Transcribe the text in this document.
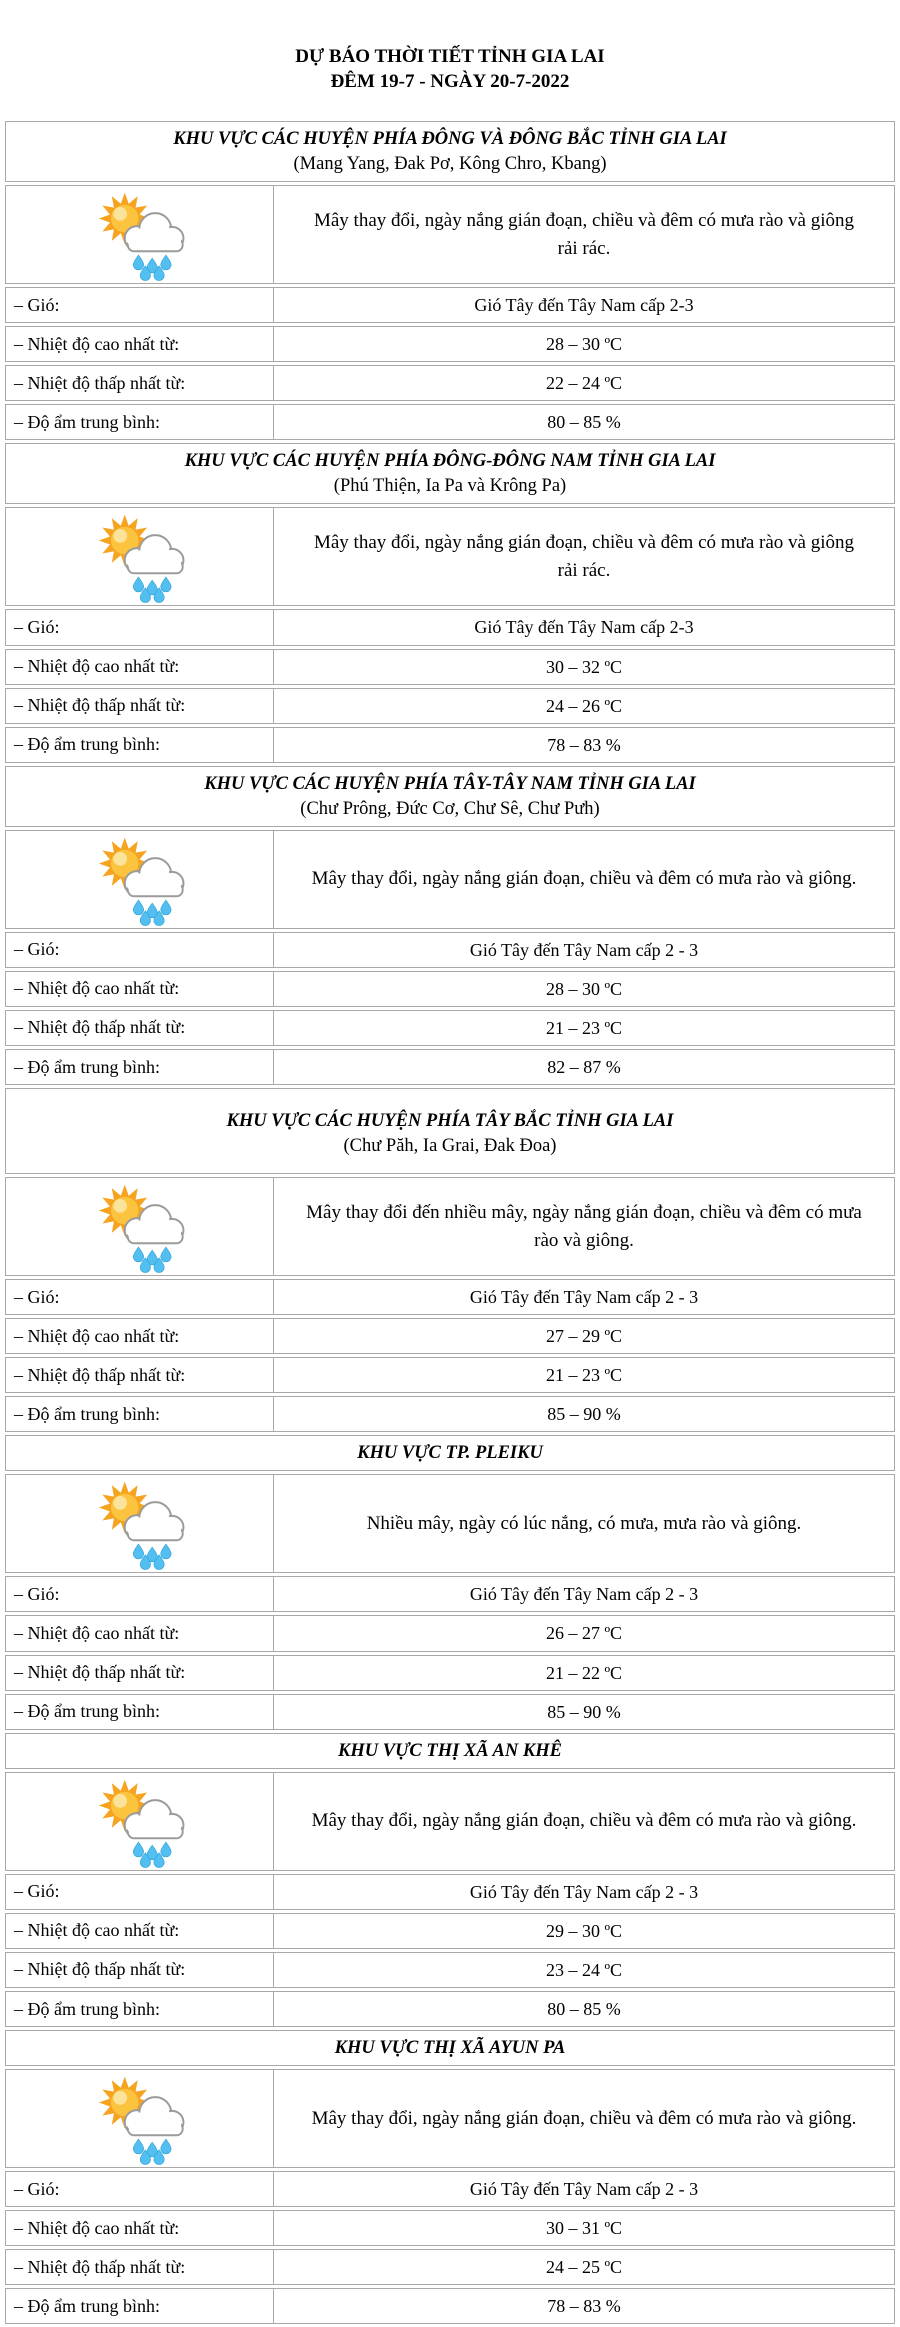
DỰ BÁO THỜI TIẾT TỈNH GIA LAI
ĐÊM 19-7 - NGÀY 20-7-2022
KHU VỰC CÁC HUYỆN PHÍA ĐÔNG VÀ ĐÔNG BẮC TỈNH GIA LAI
(Mang Yang, Đak Pơ, Kông Chro, Kbang)
Mây thay đổi, ngày nắng gián đoạn, chiều và đêm có mưa rào và giông rải rác.
– Gió:	Gió Tây đến Tây Nam cấp 2-3
– Nhiệt độ cao nhất từ:	28 – 30 ºC
– Nhiệt độ thấp nhất từ:	22 – 24 ºC
– Độ ẩm trung bình:	80 – 85 %
KHU VỰC CÁC HUYỆN PHÍA ĐÔNG-ĐÔNG NAM TỈNH GIA LAI
(Phú Thiện, Ia Pa và Krông Pa)
Mây thay đổi, ngày nắng gián đoạn, chiều và đêm có mưa rào và giông rải rác.
– Gió:	Gió Tây đến Tây Nam cấp 2-3
– Nhiệt độ cao nhất từ:	30 – 32 ºC
– Nhiệt độ thấp nhất từ:	24 – 26 ºC
– Độ ẩm trung bình:	78 – 83 %
KHU VỰC CÁC HUYỆN PHÍA TÂY-TÂY NAM TỈNH GIA LAI
(Chư Prông, Đức Cơ, Chư Sê, Chư Pưh)
Mây thay đổi, ngày nắng gián đoạn, chiều và đêm có mưa rào và giông.
– Gió:	Gió Tây đến Tây Nam cấp 2 - 3
– Nhiệt độ cao nhất từ:	28 – 30 ºC
– Nhiệt độ thấp nhất từ:	21 – 23 ºC
– Độ ẩm trung bình:	82 – 87 %
KHU VỰC CÁC HUYỆN PHÍA TÂY BẮC TỈNH GIA LAI
(Chư Păh, Ia Grai, Đak Đoa)
Mây thay đổi đến nhiều mây, ngày nắng gián đoạn, chiều và đêm có mưa rào và giông.
– Gió:	Gió Tây đến Tây Nam cấp 2 - 3
– Nhiệt độ cao nhất từ:	27 – 29 ºC
– Nhiệt độ thấp nhất từ:	21 – 23 ºC
– Độ ẩm trung bình:	85 – 90 %
KHU VỰC TP. PLEIKU
Nhiều mây, ngày có lúc nắng, có mưa, mưa rào và giông.
– Gió:	Gió Tây đến Tây Nam cấp 2 - 3
– Nhiệt độ cao nhất từ:	26 – 27 ºC
– Nhiệt độ thấp nhất từ:	21 – 22 ºC
– Độ ẩm trung bình:	85 – 90 %
KHU VỰC THỊ XÃ AN KHÊ
Mây thay đổi, ngày nắng gián đoạn, chiều và đêm có mưa rào và giông.
– Gió:	Gió Tây đến Tây Nam cấp 2 - 3
– Nhiệt độ cao nhất từ:	29 – 30 ºC
– Nhiệt độ thấp nhất từ:	23 – 24 ºC
– Độ ẩm trung bình:	80 – 85 %
KHU VỰC THỊ XÃ AYUN PA
Mây thay đổi, ngày nắng gián đoạn, chiều và đêm có mưa rào và giông.
– Gió:	Gió Tây đến Tây Nam cấp 2 - 3
– Nhiệt độ cao nhất từ:	30 – 31 ºC
– Nhiệt độ thấp nhất từ:	24 – 25 ºC
– Độ ẩm trung bình:	78 – 83 %
